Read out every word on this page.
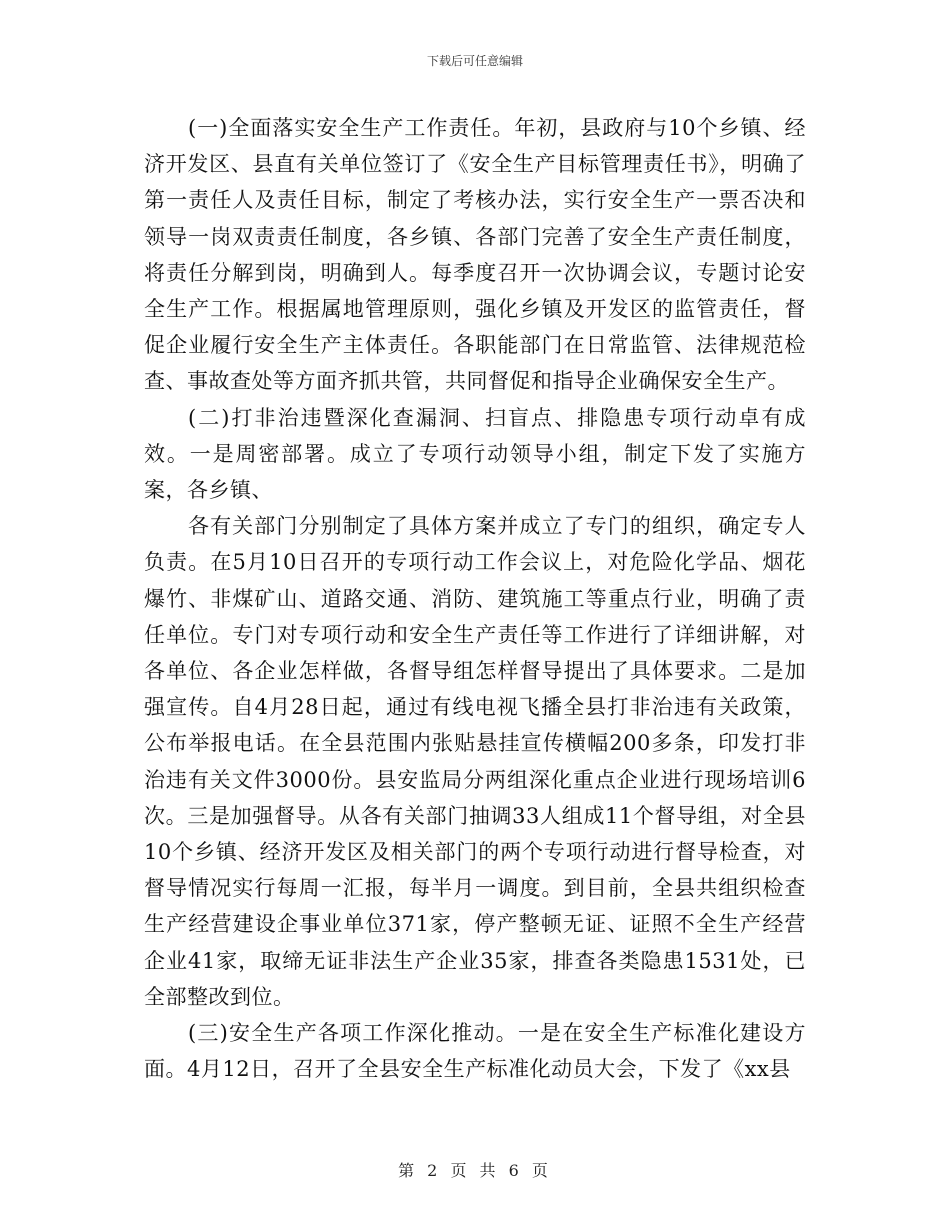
下载后可任意编辑

(一)全面落实安全生产工作责任。年初，县政府与10个乡镇、经济开发区、县直有关单位签订了《安全生产目标管理责任书》，明确了第一责任人及责任目标，制定了考核办法，实行安全生产一票否决和领导一岗双责责任制度，各乡镇、各部门完善了安全生产责任制度，将责任分解到岗，明确到人。每季度召开一次协调会议，专题讨论安全生产工作。根据属地管理原则，强化乡镇及开发区的监管责任，督促企业履行安全生产主体责任。各职能部门在日常监管、法律规范检查、事故查处等方面齐抓共管，共同督促和指导企业确保安全生产。

(二)打非治违暨深化查漏洞、扫盲点、排隐患专项行动卓有成效。一是周密部署。成立了专项行动领导小组，制定下发了实施方案，各乡镇、

各有关部门分别制定了具体方案并成立了专门的组织，确定专人负责。在5月10日召开的专项行动工作会议上，对危险化学品、烟花爆竹、非煤矿山、道路交通、消防、建筑施工等重点行业，明确了责任单位。专门对专项行动和安全生产责任等工作进行了详细讲解，对各单位、各企业怎样做，各督导组怎样督导提出了具体要求。二是加强宣传。自4月28日起，通过有线电视飞播全县打非治违有关政策，公布举报电话。在全县范围内张贴悬挂宣传横幅200多条，印发打非治违有关文件3000份。县安监局分两组深化重点企业进行现场培训6次。三是加强督导。从各有关部门抽调33人组成11个督导组，对全县10个乡镇、经济开发区及相关部门的两个专项行动进行督导检查，对督导情况实行每周一汇报，每半月一调度。到目前，全县共组织检查生产经营建设企事业单位371家，停产整顿无证、证照不全生产经营企业41家，取缔无证非法生产企业35家，排查各类隐患1531处，已全部整改到位。

(三)安全生产各项工作深化推动。一是在安全生产标准化建设方面。4月12日，召开了全县安全生产标准化动员大会，下发了《xx县

第 2 页 共 6 页
